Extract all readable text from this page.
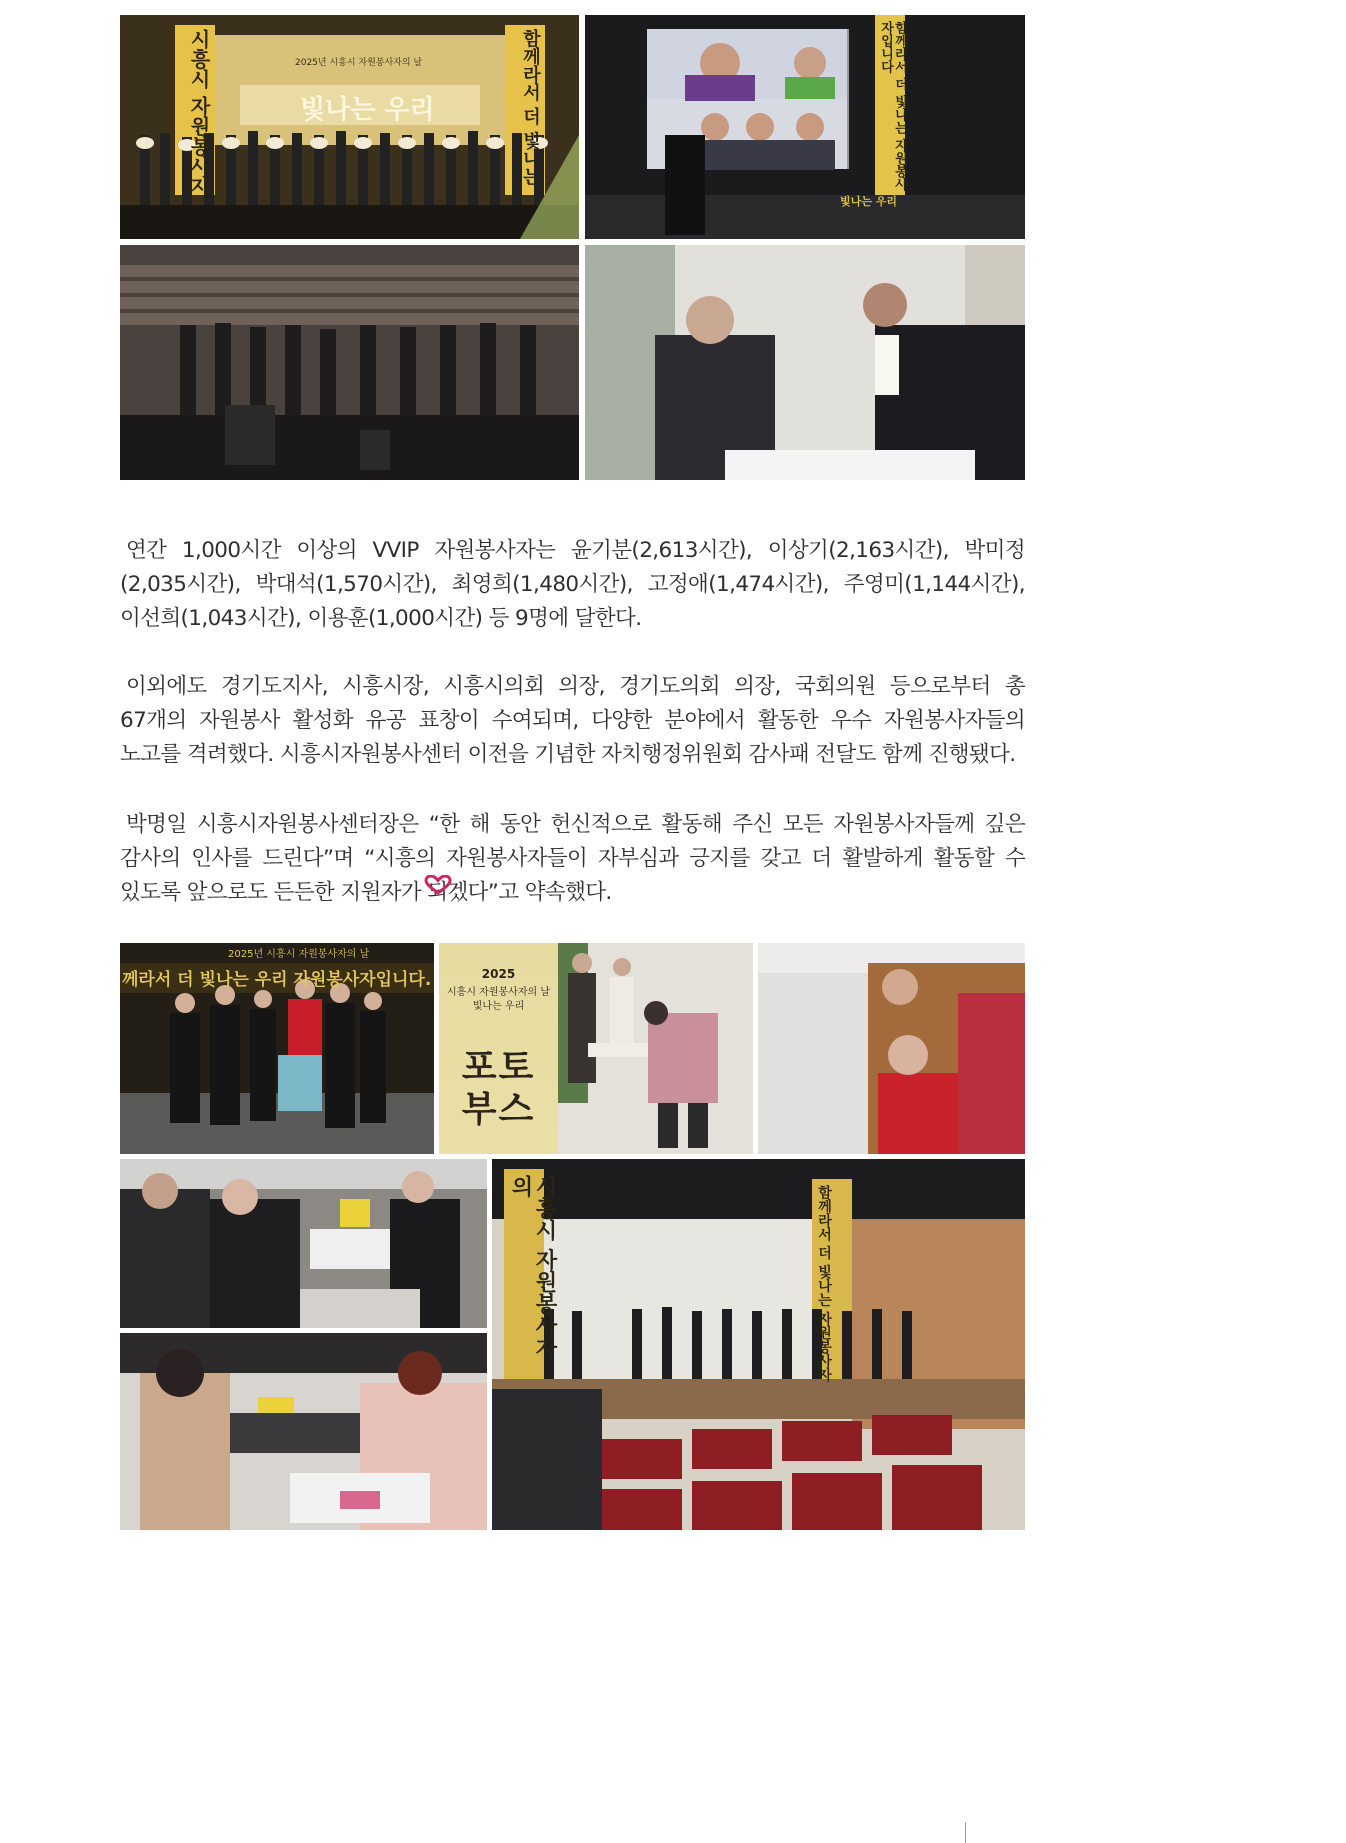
시흥시 자원봉사자	함께라서 더 빛나는
2025년 시흥시 자원봉사자의 날
빛나는 우리	함께라서 더 빛나는 자원봉사자입니다
빛나는 우리

연간 1,000시간 이상의 VVIP 자원봉사자는 윤기분(2,613시간), 이상기(2,163시간), 박미정(2,035시간), 박대석(1,570시간), 최영희(1,480시간), 고정애(1,474시간), 주영미(1,144시간), 이선희(1,043시간), 이용훈(1,000시간) 등 9명에 달한다.

이외에도 경기도지사, 시흥시장, 시흥시의회 의장, 경기도의회 의장, 국회의원 등으로부터 총 67개의 자원봉사 활성화 유공 표창이 수여되며, 다양한 분야에서 활동한 우수 자원봉사자들의 노고를 격려했다. 시흥시자원봉사센터 이전을 기념한 자치행정위원회 감사패 전달도 함께 진행됐다.

박명일 시흥시자원봉사센터장은 “한 해 동안 헌신적으로 활동해 주신 모든 자원봉사자들께 깊은 감사의 인사를 드린다”며 “시흥의 자원봉사자들이 자부심과 긍지를 갖고 더 활발하게 활동할 수 있도록 앞으로도 든든한 지원자가 되겠다”고 약속했다.

2025년 시흥시 자원봉사자의 날
께라서 더 빛나는 우리 자원봉사자입니다.	2025
시흥시 자원봉사자의 날
빛나는 우리
포토
부스
시흥시 자원봉사자의	함께라서 더 빛나는 자원봉사자
